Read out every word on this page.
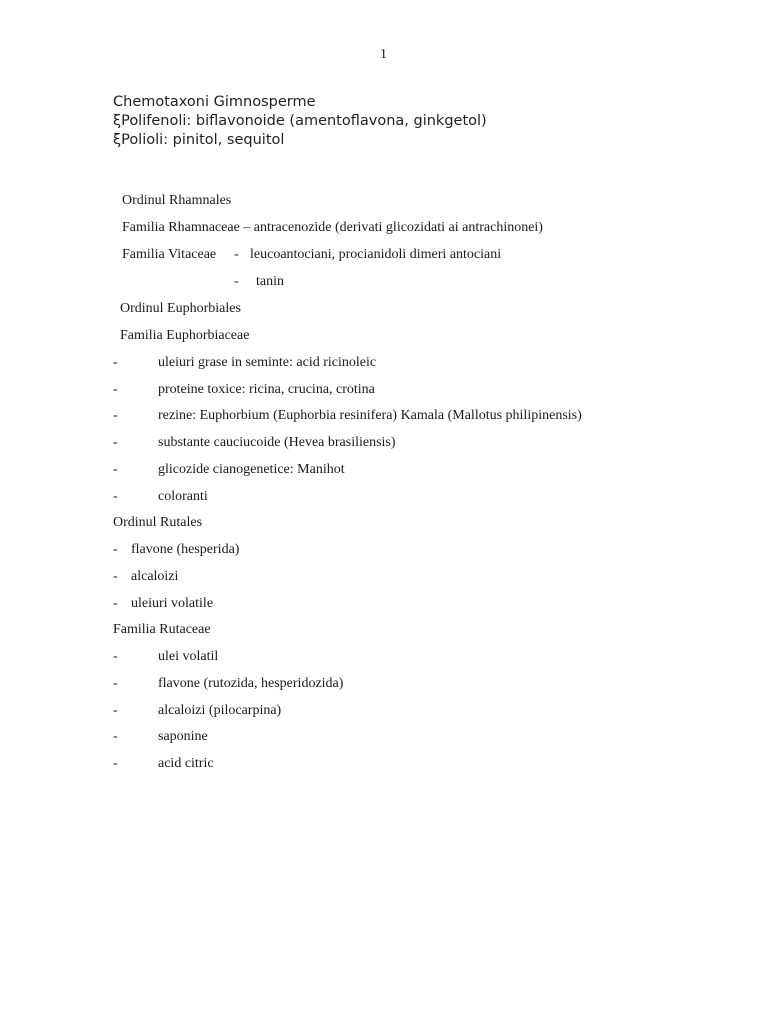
1
Chemotaxoni Gimnosperme
ξPolifenoli: biflavonoide (amentoflavona, ginkgetol)
ξPolioli: pinitol, sequitol
Ordinul Rhamnales
Familia Rhamnaceae – antracenozide (derivati glicozidati ai antrachinonei)
Familia Vitaceae - leucoantociani, procianidoli dimeri antociani
- tanin
Ordinul Euphorbiales
Familia Euphorbiaceae
-	uleiuri grase in seminte: acid ricinoleic
-	proteine toxice: ricina, crucina, crotina
-	rezine: Euphorbium (Euphorbia resinifera) Kamala (Mallotus philipinensis)
-	substante cauciucoide (Hevea brasiliensis)
-	glicozide cianogenetice: Manihot
-	coloranti
Ordinul Rutales
- flavone (hesperida)
- alcaloizi
- uleiuri volatile
Familia Rutaceae
-	ulei volatil
-	flavone (rutozida, hesperidozida)
-	alcaloizi (pilocarpina)
-	saponine
-	acid citric
